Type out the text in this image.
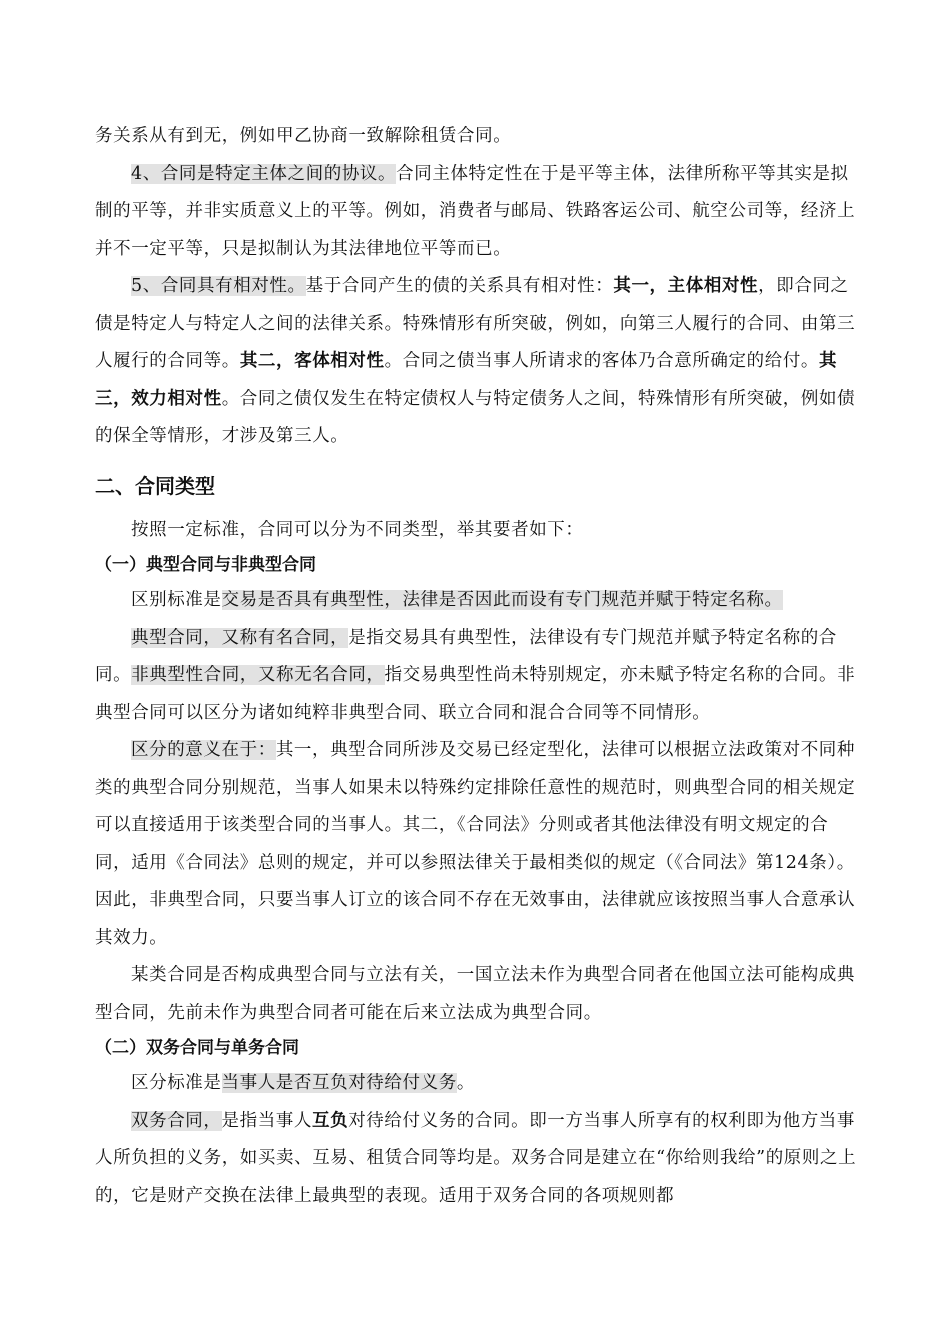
务关系从有到无，例如甲乙协商一致解除租赁合同。

4、合同是特定主体之间的协议。合同主体特定性在于是平等主体，法律所称平等其实是拟制的平等，并非实质意义上的平等。例如，消费者与邮局、铁路客运公司、航空公司等，经济上并不一定平等，只是拟制认为其法律地位平等而已。

5、合同具有相对性。基于合同产生的债的关系具有相对性：其一，主体相对性，即合同之债是特定人与特定人之间的法律关系。特殊情形有所突破，例如，向第三人履行的合同、由第三人履行的合同等。其二，客体相对性。合同之债当事人所请求的客体乃合意所确定的给付。其三，效力相对性。合同之债仅发生在特定债权人与特定债务人之间，特殊情形有所突破，例如债的保全等情形，才涉及第三人。

二、合同类型

按照一定标准，合同可以分为不同类型，举其要者如下：

（一）典型合同与非典型合同

区别标准是交易是否具有典型性，法律是否因此而设有专门规范并赋于特定名称。

典型合同，又称有名合同，是指交易具有典型性，法律设有专门规范并赋予特定名称的合同。非典型性合同，又称无名合同，指交易典型性尚未特别规定，亦未赋予特定名称的合同。非典型合同可以区分为诸如纯粹非典型合同、联立合同和混合合同等不同情形。

区分的意义在于：其一，典型合同所涉及交易已经定型化，法律可以根据立法政策对不同种类的典型合同分别规范，当事人如果未以特殊约定排除任意性的规范时，则典型合同的相关规定可以直接适用于该类型合同的当事人。其二，《合同法》分则或者其他法律没有明文规定的合同，适用《合同法》总则的规定，并可以参照法律关于最相类似的规定（《合同法》第124条）。因此，非典型合同，只要当事人订立的该合同不存在无效事由，法律就应该按照当事人合意承认其效力。

某类合同是否构成典型合同与立法有关，一国立法未作为典型合同者在他国立法可能构成典型合同，先前未作为典型合同者可能在后来立法成为典型合同。

（二）双务合同与单务合同

区分标准是当事人是否互负对待给付义务。

双务合同，是指当事人互负对待给付义务的合同。即一方当事人所享有的权利即为他方当事人所负担的义务，如买卖、互易、租赁合同等均是。双务合同是建立在“你给则我给”的原则之上的，它是财产交换在法律上最典型的表现。适用于双务合同的各项规则都
